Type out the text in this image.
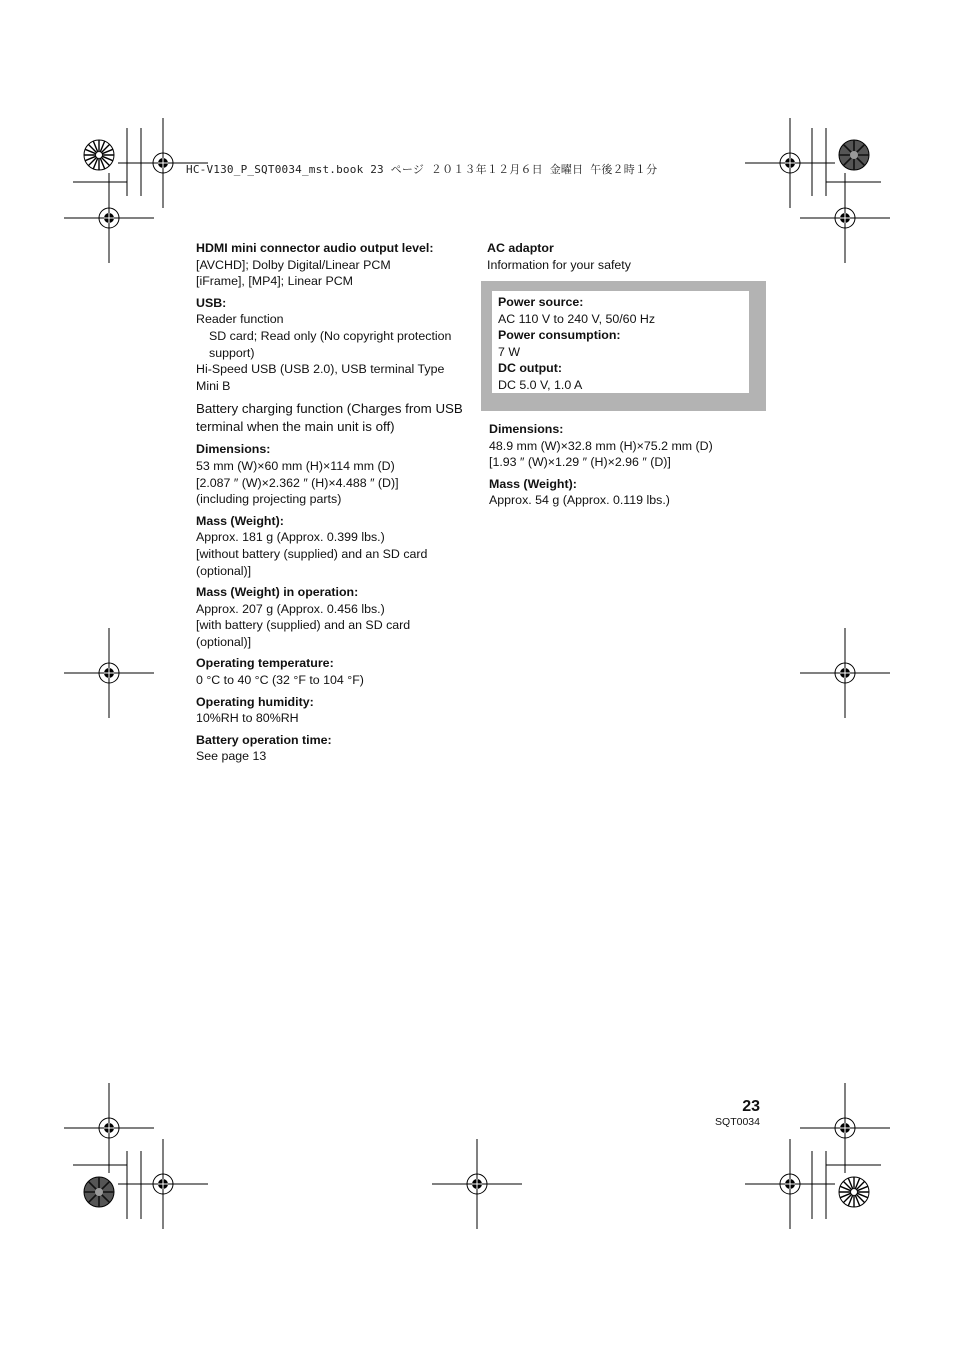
HC-V130_P_SQT0034_mst.book 23 ページ ２０１３年１２月６日 金曜日 午後２時１分
HDMI mini connector audio output level:
[AVCHD]; Dolby Digital/Linear PCM
[iFrame], [MP4]; Linear PCM
USB:
Reader function
SD card; Read only (No copyright protection support)
Hi-Speed USB (USB 2.0), USB terminal Type Mini B
Battery charging function (Charges from USB terminal when the main unit is off)
Dimensions:
53 mm (W)×60 mm (H)×114 mm (D)
[2.087 ″ (W)×2.362 ″ (H)×4.488 ″ (D)]
(including projecting parts)
Mass (Weight):
Approx. 181 g (Approx. 0.399 lbs.)
[without battery (supplied) and an SD card (optional)]
Mass (Weight) in operation:
Approx. 207 g (Approx. 0.456 lbs.)
[with battery (supplied) and an SD card (optional)]
Operating temperature:
0 °C to 40 °C (32 °F to 104 °F)
Operating humidity:
10%RH to 80%RH
Battery operation time:
See page 13
AC adaptor
Information for your safety
Power source:
AC 110 V to 240 V, 50/60 Hz
Power consumption:
7 W
DC output:
DC 5.0 V, 1.0 A
Dimensions:
48.9 mm (W)×32.8 mm (H)×75.2 mm (D)
[1.93 ″ (W)×1.29 ″ (H)×2.96 ″ (D)]
Mass (Weight):
Approx. 54 g (Approx. 0.119 lbs.)
23
SQT0034
